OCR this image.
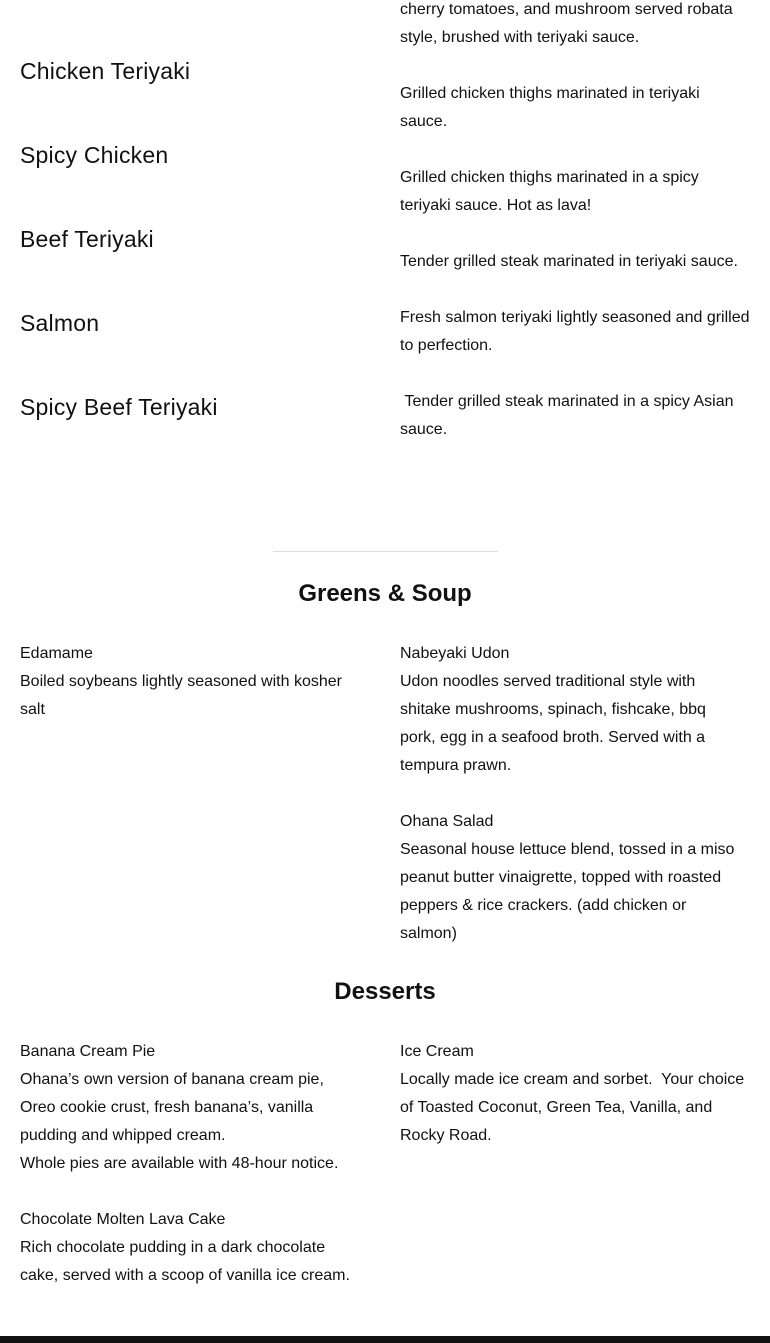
cherry tomatoes, and mushroom served robata style, brushed with teriyaki sauce.
Chicken Teriyaki
Grilled chicken thighs marinated in teriyaki sauce.
Spicy Chicken
Grilled chicken thighs marinated in a spicy teriyaki sauce. Hot as lava!
Beef Teriyaki
Tender grilled steak marinated in teriyaki sauce.
Salmon	Fresh salmon teriyaki lightly seasoned and grilled to perfection.
Spicy Beef Teriyaki	Tender grilled steak marinated in a spicy Asian sauce.
Greens & Soup
Edamame
Boiled soybeans lightly seasoned with kosher salt
Nabeyaki Udon
Udon noodles served traditional style with shitake mushrooms, spinach, fishcake, bbq pork, egg in a seafood broth. Served with a tempura prawn.
Ohana Salad
Seasonal house lettuce blend, tossed in a miso peanut butter vinaigrette, topped with roasted peppers & rice crackers. (add chicken or salmon)
Desserts
Banana Cream Pie
Ohana’s own version of banana cream pie, Oreo cookie crust, fresh banana’s, vanilla pudding and whipped cream.
Whole pies are available with 48-hour notice.
Chocolate Molten Lava Cake
Rich chocolate pudding in a dark chocolate cake, served with a scoop of vanilla ice cream.
Ice Cream
Locally made ice cream and sorbet.  Your choice of Toasted Coconut, Green Tea, Vanilla, and Rocky Road.
